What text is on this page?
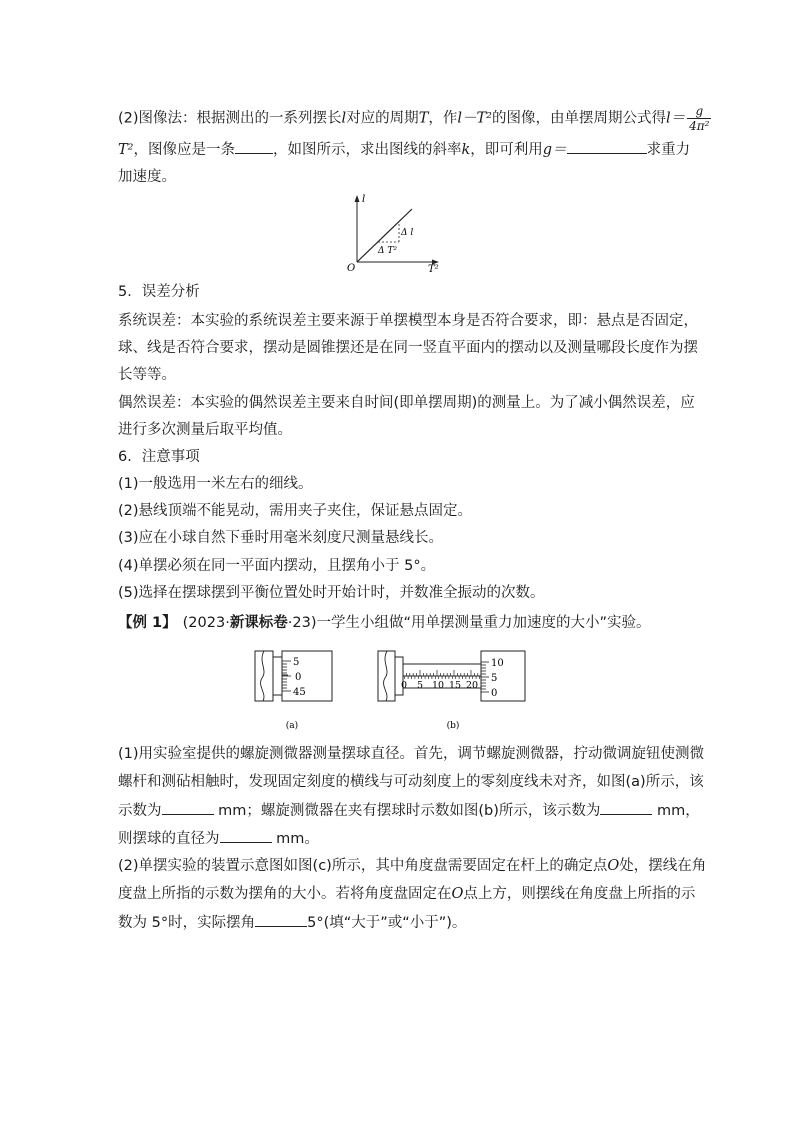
(2)图像法：根据测出的一系列摆长l对应的周期T，作l－T²的图像，由单摆周期公式得$l= \frac{g}{\text{4π²}}$
T²，图像应是一条	，如图所示，求出图线的斜率k，即可利用g＝	求重力
加速度。
l
T²
O
Δ l
Δ T²
5．误差分析
系统误差：本实验的系统误差主要来源于单摆模型本身是否符合要求，即：悬点是否固定，
球、线是否符合要求，摆动是圆锥摆还是在同一竖直平面内的摆动以及测量哪段长度作为摆
长等等。
偶然误差：本实验的偶然误差主要来自时间(即单摆周期)的测量上。为了减小偶然误差，应
进行多次测量后取平均值。
6．注意事项
(1)一般选用一米左右的细线。
(2)悬线顶端不能晃动，需用夹子夹住，保证悬点固定。
(3)应在小球自然下垂时用毫米刻度尺测量悬线长。
(4)单摆必须在同一平面内摆动，且摆角小于 5°。
(5)选择在摆球摆到平衡位置处时开始计时，并数准全振动的次数。
【例 1】 (2023·新课标卷·23)一学生小组做“用单摆测量重力加速度的大小”实验。
5
0
45
(a)
0 5 10 15 20
10
5
0
(b)
(1)用实验室提供的螺旋测微器测量摆球直径。首先，调节螺旋测微器，拧动微调旋钮使测微
螺杆和测砧相触时，发现固定刻度的横线与可动刻度上的零刻度线未对齐，如图(a)所示，该
示数为	mm；螺旋测微器在夹有摆球时示数如图(b)所示，该示数为	mm，
则摆球的直径为	mm。
(2)单摆实验的装置示意图如图(c)所示，其中角度盘需要固定在杆上的确定点O处，摆线在角
度盘上所指的示数为摆角的大小。若将角度盘固定在O点上方，则摆线在角度盘上所指的示
数为 5°时，实际摆角	5°(填“大于”或“小于”)。
